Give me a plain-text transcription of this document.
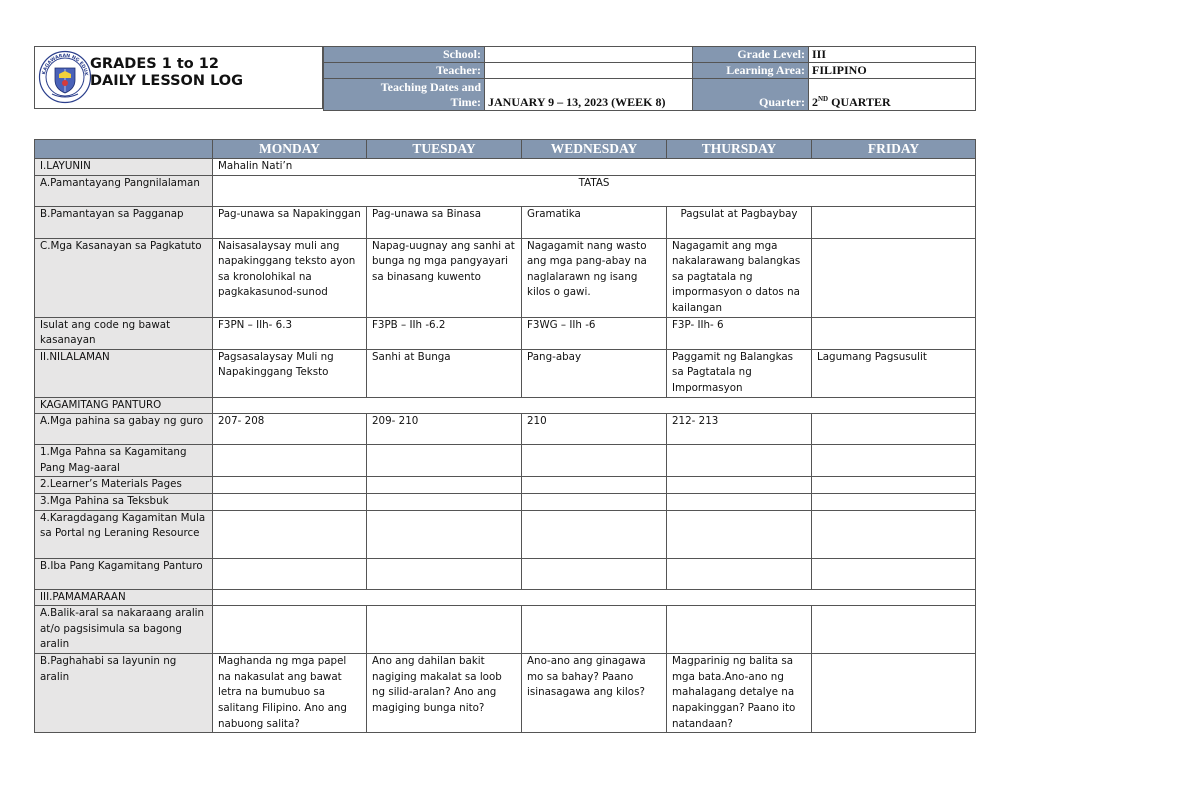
KAGAWARAN NG EDUK
GRADES 1 to 12
DAILY LESSON LOG
School:		Grade Level:	III
Teacher:		Learning Area:	FILIPINO

Teaching Dates and
Time:	JANUARY 9 – 13, 2023 (WEEK 8)	Quarter:	2ND QUARTER
	MONDAY	TUESDAY	WEDNESDAY	THURSDAY	FRIDAY
I.LAYUNIN	Mahalin Nati’n				
A.Pamantayang Pangnilalaman	TATAS				
B.Pamantayan sa Pagganap	Pag-unawa sa Napakinggan	Pag-unawa sa Binasa	Gramatika	Pagsulat at Pagbaybay	
C.Mga Kasanayan sa Pagkatuto	Naisasalaysay muli ang napakinggang teksto ayon sa kronolohikal na pagkakasunod-sunod	Napag-uugnay ang sanhi at bunga ng mga pangyayari sa binasang kuwento	Nagagamit nang wasto ang mga pang-abay na naglalarawn ng isang kilos o gawi.	Nagagamit ang mga nakalarawang balangkas sa pagtatala ng impormasyon o datos na kailangan	
Isulat ang code ng bawat kasanayan	F3PN – IIh- 6.3	F3PB – IIh -6.2	F3WG – IIh -6	F3P- IIh- 6	
II.NILALAMAN	Pagsasalaysay Muli ng Napakinggang Teksto	Sanhi at Bunga	Pang-abay	Paggamit ng Balangkas sa Pagtatala ng Impormasyon	Lagumang Pagsusulit
KAGAMITANG PANTURO					
A.Mga pahina sa gabay ng guro	207- 208	209- 210	210	212- 213	
1.Mga Pahna sa Kagamitang Pang Mag-aaral					
2.Learner’s Materials Pages					
3.Mga Pahina sa Teksbuk					
4.Karagdagang Kagamitan Mula sa Portal ng Leraning Resource					
B.Iba Pang Kagamitang Panturo					
III.PAMAMARAAN					
A.Balik-aral sa nakaraang aralin at/o pagsisimula sa bagong aralin					
B.Paghahabi sa layunin ng aralin	Maghanda ng mga papel na nakasulat ang bawat letra na bumubuo sa salitang Filipino. Ano ang nabuong salita?	Ano ang dahilan bakit nagiging makalat sa loob ng silid-aralan? Ano ang magiging bunga nito?	Ano-ano ang ginagawa mo sa bahay? Paano isinasagawa ang kilos?	Magparinig ng balita sa mga bata.Ano-ano ng mahalagang detalye na napakinggan? Paano ito natandaan?	
